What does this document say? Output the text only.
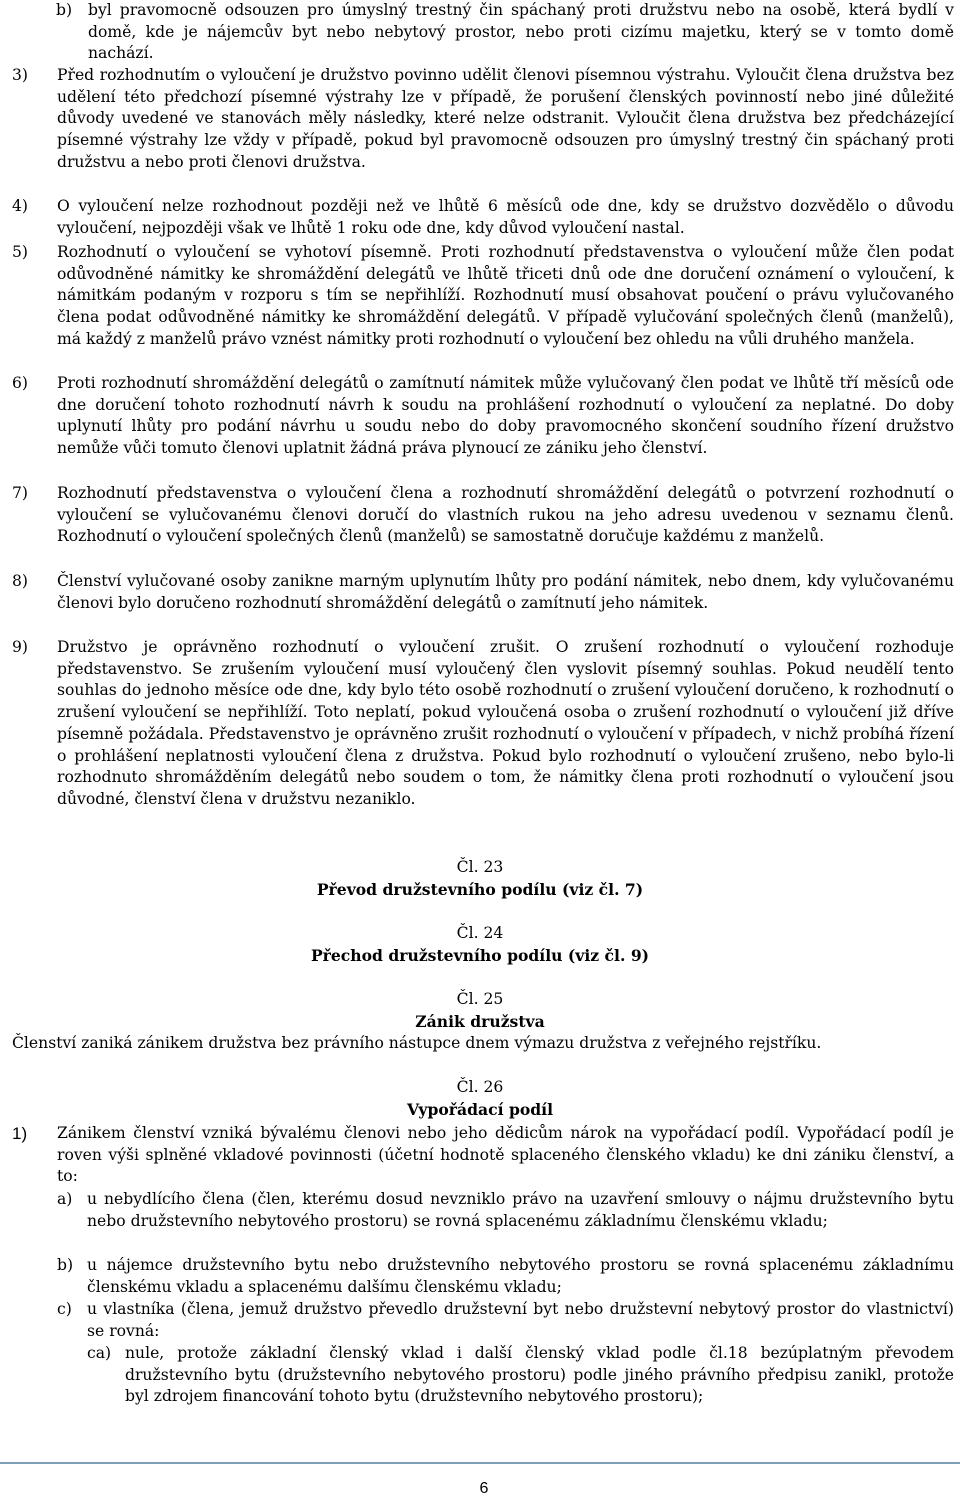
b)	byl pravomocně odsouzen pro úmyslný trestný čin spáchaný proti družstvu nebo na osobě, která bydlí v domě, kde je nájemcův byt nebo nebytový prostor, nebo proti cizímu majetku, který se v tomto domě nachází.
3)	Před rozhodnutím o vyloučení je družstvo povinno udělit členovi písemnou výstrahu. Vyloučit člena družstva bez udělení této předchozí písemné výstrahy lze v případě, že porušení členských povinností nebo jiné důležité důvody uvedené ve stanovách měly následky, které nelze odstranit. Vyloučit člena družstva bez předcházející písemné výstrahy lze vždy v případě, pokud byl pravomocně odsouzen pro úmyslný trestný čin spáchaný proti družstvu a nebo proti členovi družstva.
4)	O vyloučení nelze rozhodnout později než ve lhůtě 6 měsíců ode dne, kdy se družstvo dozvědělo o důvodu vyloučení, nejpozději však ve lhůtě 1 roku ode dne, kdy důvod vyloučení nastal.
5)	Rozhodnutí o vyloučení se vyhotoví písemně. Proti rozhodnutí představenstva o vyloučení může člen podat odůvodněné námitky ke shromáždění delegátů ve lhůtě třiceti dnů ode dne doručení oznámení o vyloučení, k námitkám podaným v rozporu s tím se nepřihlíží. Rozhodnutí musí obsahovat poučení o právu vylučovaného člena podat odůvodněné námitky ke shromáždění delegátů. V případě vylučování společných členů (manželů), má každý z manželů právo vznést námitky proti rozhodnutí o vyloučení bez ohledu na vůli druhého manžela.
6)	Proti rozhodnutí shromáždění delegátů o zamítnutí námitek může vylučovaný člen podat ve lhůtě tří měsíců ode dne doručení tohoto rozhodnutí návrh k soudu na prohlášení rozhodnutí o vyloučení za neplatné. Do doby uplynutí lhůty pro podání návrhu u soudu nebo do doby pravomocného skončení soudního řízení družstvo nemůže vůči tomuto členovi uplatnit žádná práva plynoucí ze zániku jeho členství.
7)	Rozhodnutí představenstva o vyloučení člena a rozhodnutí shromáždění delegátů o potvrzení rozhodnutí o vyloučení se vylučovanému členovi doručí do vlastních rukou na jeho adresu uvedenou v seznamu členů. Rozhodnutí o vyloučení společných členů (manželů) se samostatně doručuje každému z manželů.
8)	Členství vylučované osoby zanikne marným uplynutím lhůty pro podání námitek, nebo dnem, kdy vylučovanému členovi bylo doručeno rozhodnutí shromáždění delegátů o zamítnutí jeho námitek.
9)	Družstvo je oprávněno rozhodnutí o vyloučení zrušit. O zrušení rozhodnutí o vyloučení rozhoduje představenstvo. Se zrušením vyloučení musí vyloučený člen vyslovit písemný souhlas. Pokud neudělí tento souhlas do jednoho měsíce ode dne, kdy bylo této osobě rozhodnutí o zrušení vyloučení doručeno, k rozhodnutí o zrušení vyloučení se nepřihlíží. Toto neplatí, pokud vyloučená osoba o zrušení rozhodnutí o vyloučení již dříve písemně požádala. Představenstvo je oprávněno zrušit rozhodnutí o vyloučení v případech, v nichž probíhá řízení o prohlášení neplatnosti vyloučení člena z družstva. Pokud bylo rozhodnutí o vyloučení zrušeno, nebo bylo-li rozhodnuto shromážděním delegátů nebo soudem o tom, že námitky člena proti rozhodnutí o vyloučení jsou důvodné, členství člena v družstvu nezaniklo.
Čl. 23
Převod družstevního podílu (viz čl. 7)
Čl. 24
Přechod družstevního podílu (viz čl. 9)
Čl. 25
Zánik družstva
Členství zaniká zánikem družstva bez právního nástupce dnem výmazu družstva z veřejného rejstříku.
Čl. 26
Vypořádací podíl
1)	Zánikem členství vzniká bývalému členovi nebo jeho dědicům nárok na vypořádací podíl. Vypořádací podíl je roven výši splněné vkladové povinnosti (účetní hodnotě splaceného členského vkladu) ke dni zániku členství, a to:
a) u nebydlícího člena (člen, kterému dosud nevzniklo právo na uzavření smlouvy o nájmu družstevního bytu nebo družstevního nebytového prostoru) se rovná splacenému základnímu členskému vkladu;
b) u nájemce družstevního bytu nebo družstevního nebytového prostoru se rovná splacenému základnímu členskému vkladu a splacenému dalšímu členskému vkladu;
c) u vlastníka (člena, jemuž družstvo převedlo družstevní byt nebo družstevní nebytový prostor do vlastnictví) se rovná:
ca) nule, protože základní členský vklad i další členský vklad podle čl.18 bezúplatným převodem družstevního bytu (družstevního nebytového prostoru) podle jiného právního předpisu zanikl, protože byl zdrojem financování tohoto bytu (družstevního nebytového prostoru);
6
